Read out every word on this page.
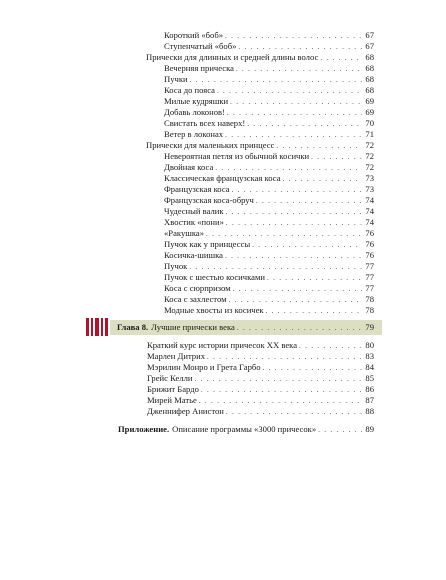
Короткий «боб» . . .	67
Ступенчатый «боб» . . .	67
Прически для длинных и средней длины волос . . .	68
Вечерняя прическа . . .	68
Пучки . . .	68
Коса до пояса . . .	68
Милые кудряшки . . .	69
Добавь локонов! . . .	69
Свистать всех наверх! . . .	70
Ветер в локонах . . .	71
Прически для маленьких принцесс . . .	72
Невероятная петля из обычной косички . . .	72
Двойная коса . . .	72
Классическая французская коса . . .	73
Французская коса . . .	73
Французская коса-обруч . . .	74
Чудесный валик . . .	74
Хвостик «пони» . . .	74
«Ракушка» . . .	76
Пучок как у принцессы . . .	76
Косичка-шишка . . .	76
Пучок . . .	77
Пучок с шестью косичками . . .	77
Коса с сюрпризом . . .	77
Коса с захлестом . . .	78
Модные хвосты из косичек . . .	78
Глава 8. Лучшие прически века . . .	79
Краткий курс истории причесок XX века . . .	80
Марлен Дитрих . . .	83
Мэрилин Монро и Грета Гарбо . . .	84
Грейс Келли . . .	85
Брижит Бардо . . .	86
Мирей Матье . . .	87
Дженнифер Анистон . . .	88
Приложение. Описание программы «3000 причесок» . . .	89
